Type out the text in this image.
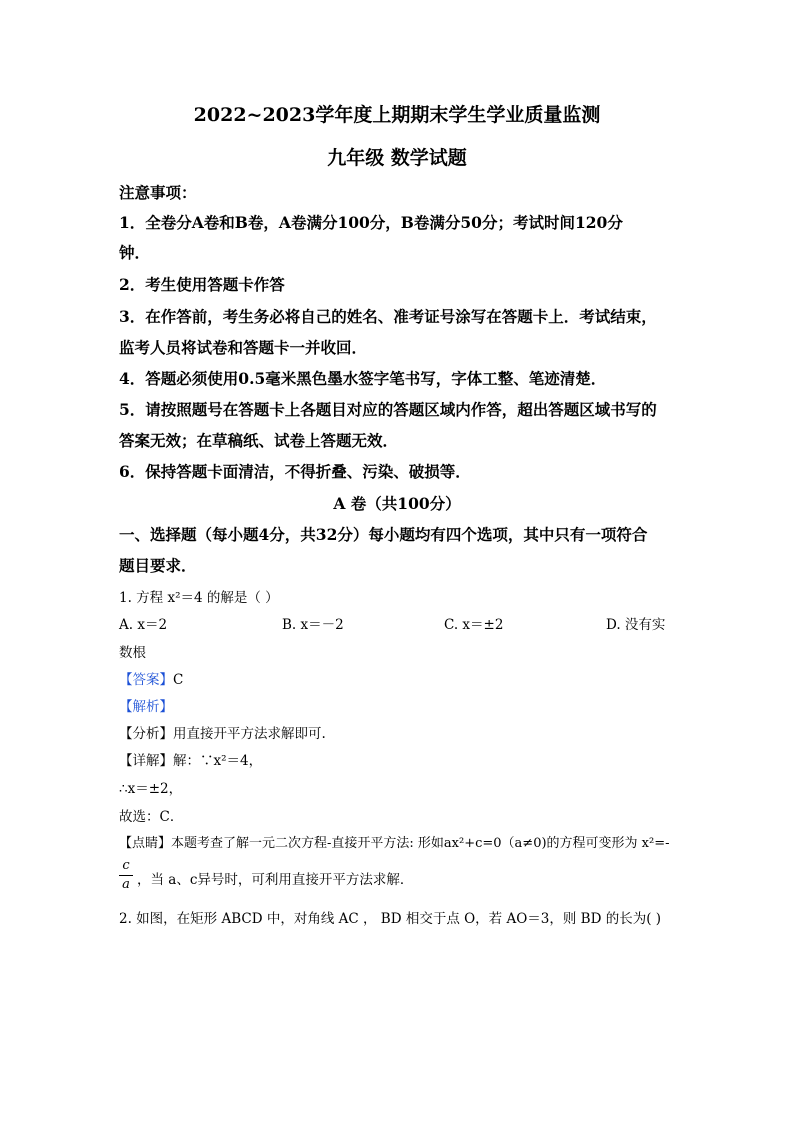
2022~2023学年度上期期末学生学业质量监测
九年级 数学试题
注意事项：
1．全卷分A卷和B卷，A卷满分100分，B卷满分50分；考试时间120分
钟．
2．考生使用答题卡作答
3．在作答前，考生务必将自己的姓名、准考证号涂写在答题卡上．考试结束，
监考人员将试卷和答题卡一并收回．
4．答题必须使用0.5毫米黑色墨水签字笔书写，字体工整、笔迹清楚．
5．请按照题号在答题卡上各题目对应的答题区域内作答，超出答题区域书写的
答案无效；在草稿纸、试卷上答题无效．
6．保持答题卡面清洁，不得折叠、污染、破损等．
A 卷（共100分）
一、选择题（每小题4分，共32分）每小题均有四个选项，其中只有一项符合
题目要求．
1. 方程 x²＝4 的解是（ ）
A. x＝2	B. x＝－2	C. x＝±2	D. 没有实
数根
【答案】C
【解析】
【分析】用直接开平方法求解即可.
【详解】解：∵x²＝4，
∴x＝±2，
故选：C．
【点睛】本题考查了解一元二次方程-直接开平方法: 形如ax²+c=0（a≠0)的方程可变形为 x²=-
c
a ，当 a、c异号时，可利用直接开平方法求解．
2. 如图，在矩形 ABCD 中，对角线 AC ， BD 相交于点 O，若 AO＝3，则 BD 的长为( )
